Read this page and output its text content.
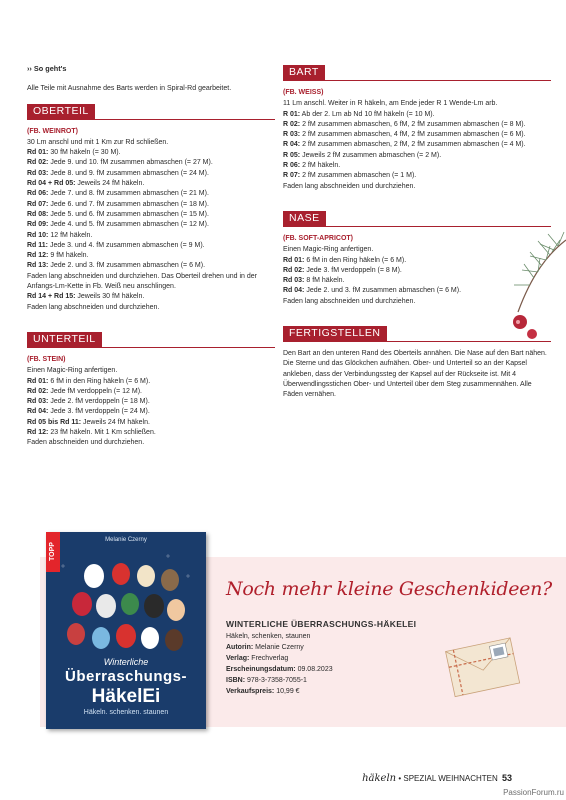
›› So geht's
Alle Teile mit Ausnahme des Barts werden in Spiral-Rd gearbeitet.
OBERTEIL
(FB. WEINROT)
30 Lm anschl und mit 1 Km zur Rd schließen.
Rd 01: 30 fM häkeln (= 30 M).
Rd 02: Jede 9. und 10. fM zusammen abmaschen (= 27 M).
Rd 03: Jede 8. und 9. fM zusammen abmaschen (= 24 M).
Rd 04 + Rd 05: Jeweils 24 fM häkeln.
Rd 06: Jede 7. und 8. fM zusammen abmaschen (= 21 M).
Rd 07: Jede 6. und 7. fM zusammen abmaschen (= 18 M).
Rd 08: Jede 5. und 6. fM zusammen abmaschen (= 15 M).
Rd 09: Jede 4. und 5. fM zusammen abmaschen (= 12 M).
Rd 10: 12 fM häkeln.
Rd 11: Jede 3. und 4. fM zusammen abmaschen (= 9 M).
Rd 12: 9 fM häkeln.
Rd 13: Jede 2. und 3. fM zusammen abmaschen (= 6 M).
Faden lang abschneiden und durchziehen. Das Oberteil drehen und in der Anfangs-Lm-Kette in Fb. Weiß neu anschlingen.
Rd 14 + Rd 15: Jeweils 30 fM häkeln.
Faden lang abschneiden und durchziehen.
UNTERTEIL
(FB. STEIN)
Einen Magic-Ring anfertigen.
Rd 01: 6 fM in den Ring häkeln (= 6 M).
Rd 02: Jede fM verdoppeln (= 12 M).
Rd 03: Jede 2. fM verdoppeln (= 18 M).
Rd 04: Jede 3. fM verdoppeln (= 24 M).
Rd 05 bis Rd 11: Jeweils 24 fM häkeln.
Rd 12: 23 fM häkeln. Mit 1 Km schließen.
Faden abschneiden und durchziehen.
BART
(FB. WEISS)
11 Lm anschl. Weiter in R häkeln, am Ende jeder R 1 Wende-Lm arb.
R 01: Ab der 2. Lm ab Nd 10 fM häkeln (= 10 M).
R 02: 2 fM zusammen abmaschen, 6 fM, 2 fM zusammen abmaschen (= 8 M).
R 03: 2 fM zusammen abmaschen, 4 fM, 2 fM zusammen abmaschen (= 6 M).
R 04: 2 fM zusammen abmaschen, 2 fM, 2 fM zusammen abmaschen (= 4 M).
R 05: Jeweils 2 fM zusammen abmaschen (= 2 M).
R 06: 2 fM häkeln.
R 07: 2 fM zusammen abmaschen (= 1 M).
Faden lang abschneiden und durchziehen.
NASE
(FB. SOFT-APRICOT)
Einen Magic-Ring anfertigen.
Rd 01: 6 fM in den Ring häkeln (= 6 M).
Rd 02: Jede 3. fM verdoppeln (= 8 M).
Rd 03: 8 fM häkeln.
Rd 04: Jede 2. und 3. fM zusammen abmaschen (= 6 M).
Faden lang abschneiden und durchziehen.
FERTIGSTELLEN
Den Bart an den unteren Rand des Oberteils annähen. Die Nase auf den Bart nähen. Die Sterne und das Glöckchen aufnähen. Ober- und Unterteil so an der Kapsel ankleben, dass der Verbindungssteg der Kapsel auf der Rückseite ist. Mit 4 Überwendlingsstichen Ober- und Unterteil über dem Steg zusammennähen. Alle Fäden vernähen.
TOPP
Melanie Czerny
Winterliche
Überraschungs-
HäkelEi
Häkeln. schenken. staunen
Noch mehr kleine Geschenkideen?
WINTERLICHE ÜBERRASCHUNGS-HÄKELEI
Häkeln, schenken, staunen
Autorin: Melanie Czerny
Verlag: Frechverlag
Erscheinungsdatum: 09.08.2023
ISBN: 978-3-7358-7055-1
Verkaufspreis: 10,99 €
häkeln • SPEZIAL WEIHNACHTEN 53
PassionForum.ru
